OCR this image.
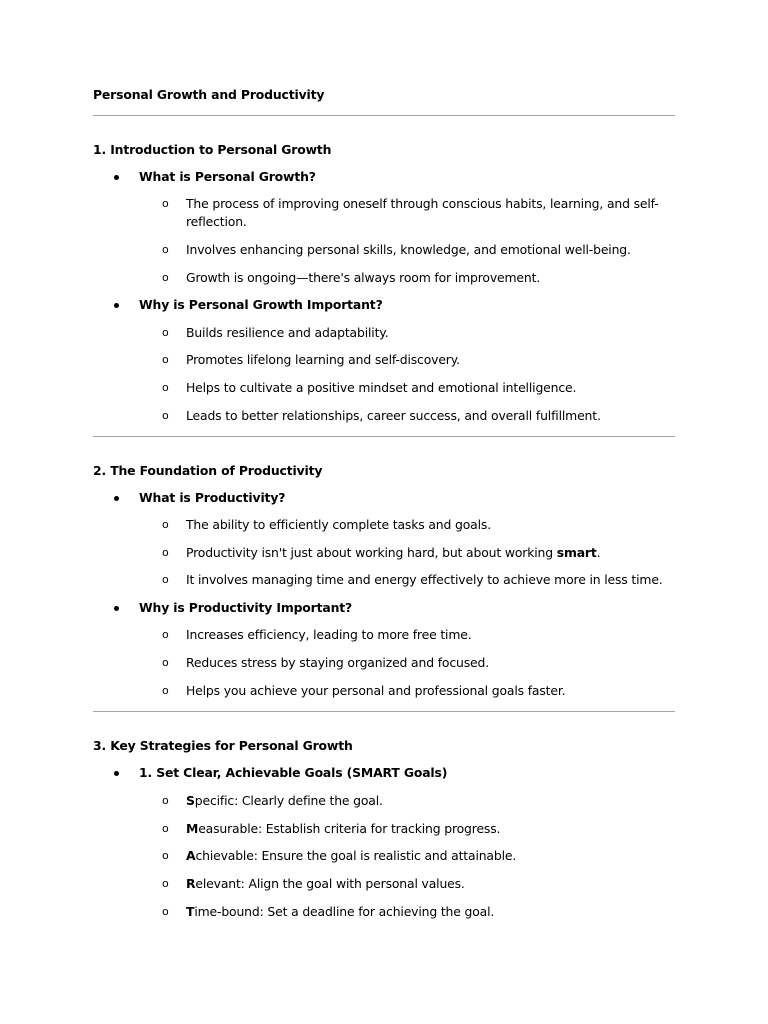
Personal Growth and Productivity
1. Introduction to Personal Growth
What is Personal Growth?
o The process of improving oneself through conscious habits, learning, and self-
reflection.
o Involves enhancing personal skills, knowledge, and emotional well-being.
o Growth is ongoing—there's always room for improvement.
Why is Personal Growth Important?
o Builds resilience and adaptability.
o Promotes lifelong learning and self-discovery.
o Helps to cultivate a positive mindset and emotional intelligence.
o Leads to better relationships, career success, and overall fulfillment.
2. The Foundation of Productivity
What is Productivity?
o The ability to efficiently complete tasks and goals.
o Productivity isn't just about working hard, but about working smart.
o It involves managing time and energy effectively to achieve more in less time.
Why is Productivity Important?
o Increases efficiency, leading to more free time.
o Reduces stress by staying organized and focused.
o Helps you achieve your personal and professional goals faster.
3. Key Strategies for Personal Growth
1. Set Clear, Achievable Goals (SMART Goals)
o Specific: Clearly define the goal.
o Measurable: Establish criteria for tracking progress.
o Achievable: Ensure the goal is realistic and attainable.
o Relevant: Align the goal with personal values.
o Time-bound: Set a deadline for achieving the goal.
